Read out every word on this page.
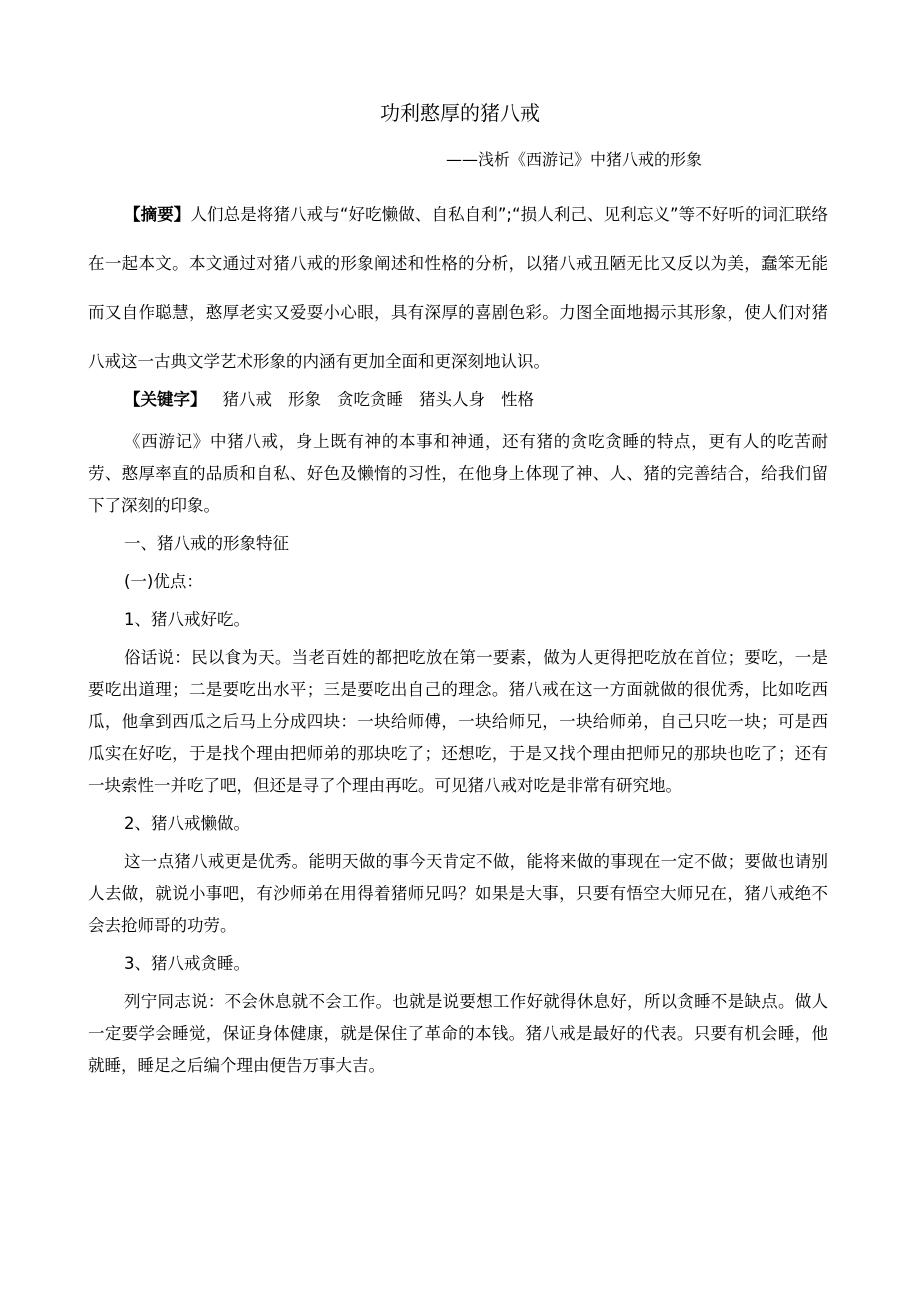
功利憨厚的猪八戒
——浅析《西游记》中猪八戒的形象

【摘要】人们总是将猪八戒与“好吃懒做、自私自利”;“损人利己、见利忘义”等不好听的词汇联络在一起本文。本文通过对猪八戒的形象阐述和性格的分析，以猪八戒丑陋无比又反以为美，蠢笨无能而又自作聪慧，憨厚老实又爱耍小心眼，具有深厚的喜剧色彩。力图全面地揭示其形象，使人们对猪八戒这一古典文学艺术形象的内涵有更加全面和更深刻地认识。

【关键字】 猪八戒 形象 贪吃贪睡 猪头人身 性格

《西游记》中猪八戒，身上既有神的本事和神通，还有猪的贪吃贪睡的特点，更有人的吃苦耐劳、憨厚率直的品质和自私、好色及懒惰的习性，在他身上体现了神、人、猪的完善结合，给我们留下了深刻的印象。

一、猪八戒的形象特征

(一)优点：

1、猪八戒好吃。

俗话说：民以食为天。当老百姓的都把吃放在第一要素，做为人更得把吃放在首位；要吃，一是要吃出道理；二是要吃出水平；三是要吃出自己的理念。猪八戒在这一方面就做的很优秀，比如吃西瓜，他拿到西瓜之后马上分成四块：一块给师傅，一块给师兄，一块给师弟，自己只吃一块；可是西瓜实在好吃，于是找个理由把师弟的那块吃了；还想吃，于是又找个理由把师兄的那块也吃了；还有一块索性一并吃了吧，但还是寻了个理由再吃。可见猪八戒对吃是非常有研究地。

2、猪八戒懒做。

这一点猪八戒更是优秀。能明天做的事今天肯定不做，能将来做的事现在一定不做；要做也请别人去做，就说小事吧，有沙师弟在用得着猪师兄吗？如果是大事，只要有悟空大师兄在，猪八戒绝不会去抢师哥的功劳。

3、猪八戒贪睡。

列宁同志说：不会休息就不会工作。也就是说要想工作好就得休息好，所以贪睡不是缺点。做人一定要学会睡觉，保证身体健康，就是保住了革命的本钱。猪八戒是最好的代表。只要有机会睡，他就睡，睡足之后编个理由便告万事大吉。
